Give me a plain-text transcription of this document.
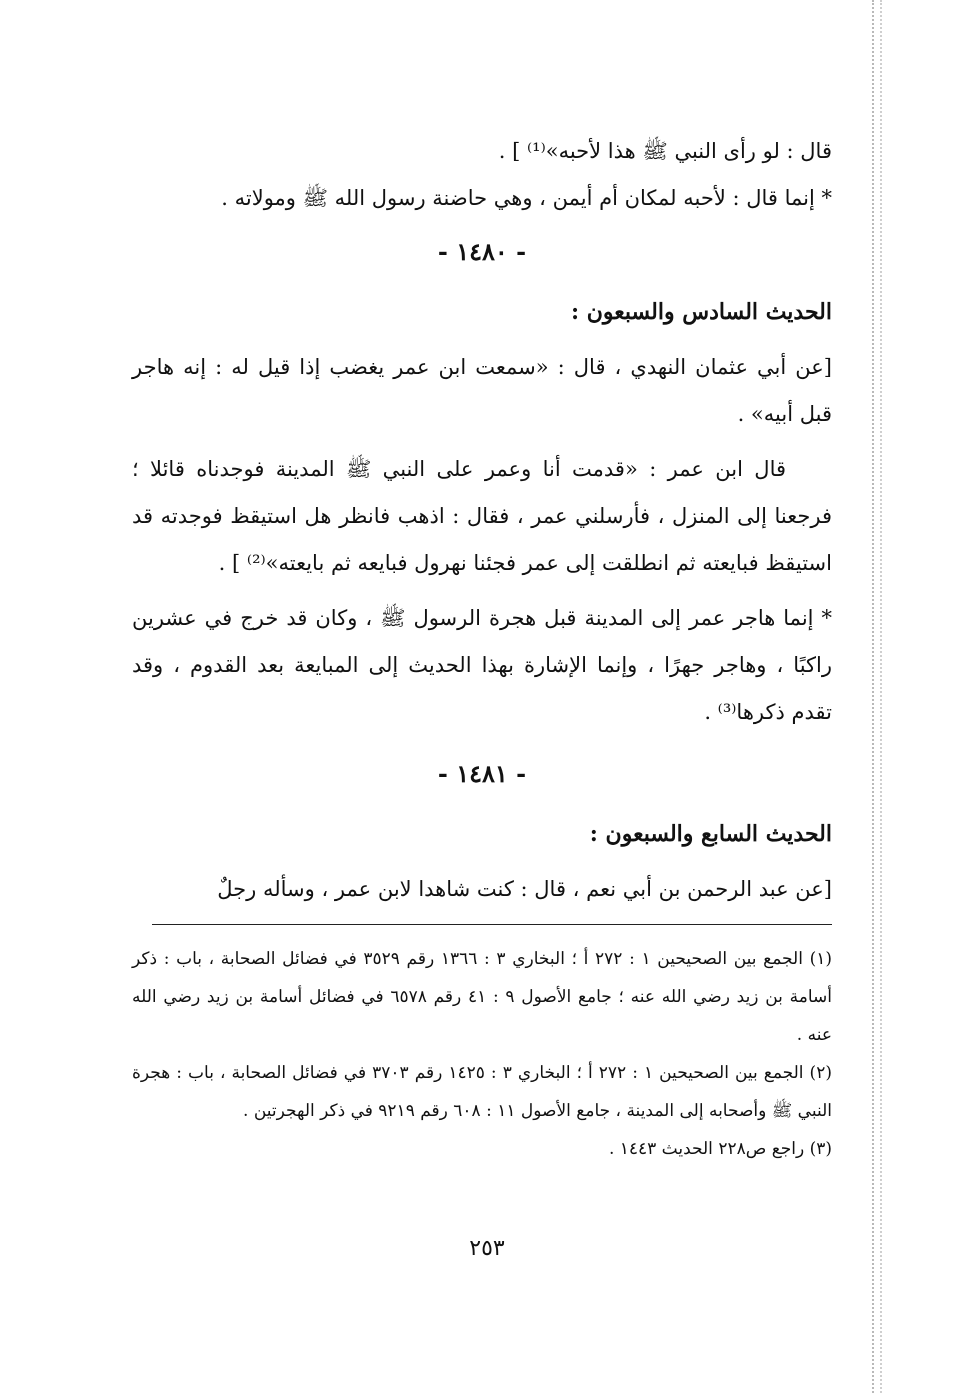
قال : لو رأى النبي ﷺ هذا لأحبه»⁽¹⁾ ] .

* إنما قال : لأحبه لمكان أم أيمن ، وهي حاضنة رسول الله ﷺ ومولاته .

- ١٤٨٠ -
الحديث السادس والسبعون :

[عن أبي عثمان النهدي ، قال : «سمعت ابن عمر يغضب إذا قيل له : إنه هاجر قبل أبيه» .

قال ابن عمر : «قدمت أنا وعمر على النبي ﷺ المدينة فوجدناه قائلا ؛ فرجعنا إلى المنزل ، فأرسلني عمر ، فقال : اذهب فانظر هل استيقظ فوجدته قد استيقظ فبايعته ثم انطلقت إلى عمر فجئنا نهرول فبايعه ثم بايعته»⁽²⁾ ] .

* إنما هاجر عمر إلى المدينة قبل هجرة الرسول ﷺ ، وكان قد خرج في عشرين راكبًا ، وهاجر جهرًا ، وإنما الإشارة بهذا الحديث إلى المبايعة بعد القدوم ، وقد تقدم ذكرها⁽³⁾ .

- ١٤٨١ -
الحديث السابع والسبعون :

[عن عبد الرحمن بن أبي نعم ، قال : كنت شاهدا لابن عمر ، وسأله رجلٌ

(١) الجمع بين الصحيحين ١ : ٢٧٢ أ ؛ البخاري ٣ : ١٣٦٦ رقم ٣٥٢٩ في فضائل الصحابة ، باب : ذكر أسامة بن زيد رضي الله عنه ؛ جامع الأصول ٩ : ٤١ رقم ٦٥٧٨ في فضائل أسامة بن زيد رضي الله عنه .

(٢) الجمع بين الصحيحين ١ : ٢٧٢ أ ؛ البخاري ٣ : ١٤٢٥ رقم ٣٧٠٣ في فضائل الصحابة ، باب : هجرة النبي ﷺ وأصحابه إلى المدينة ، جامع الأصول ١١ : ٦٠٨ رقم ٩٢١٩ في ذكر الهجرتين .

(٣) راجع ص٢٢٨ الحديث ١٤٤٣ .

٢٥٣
